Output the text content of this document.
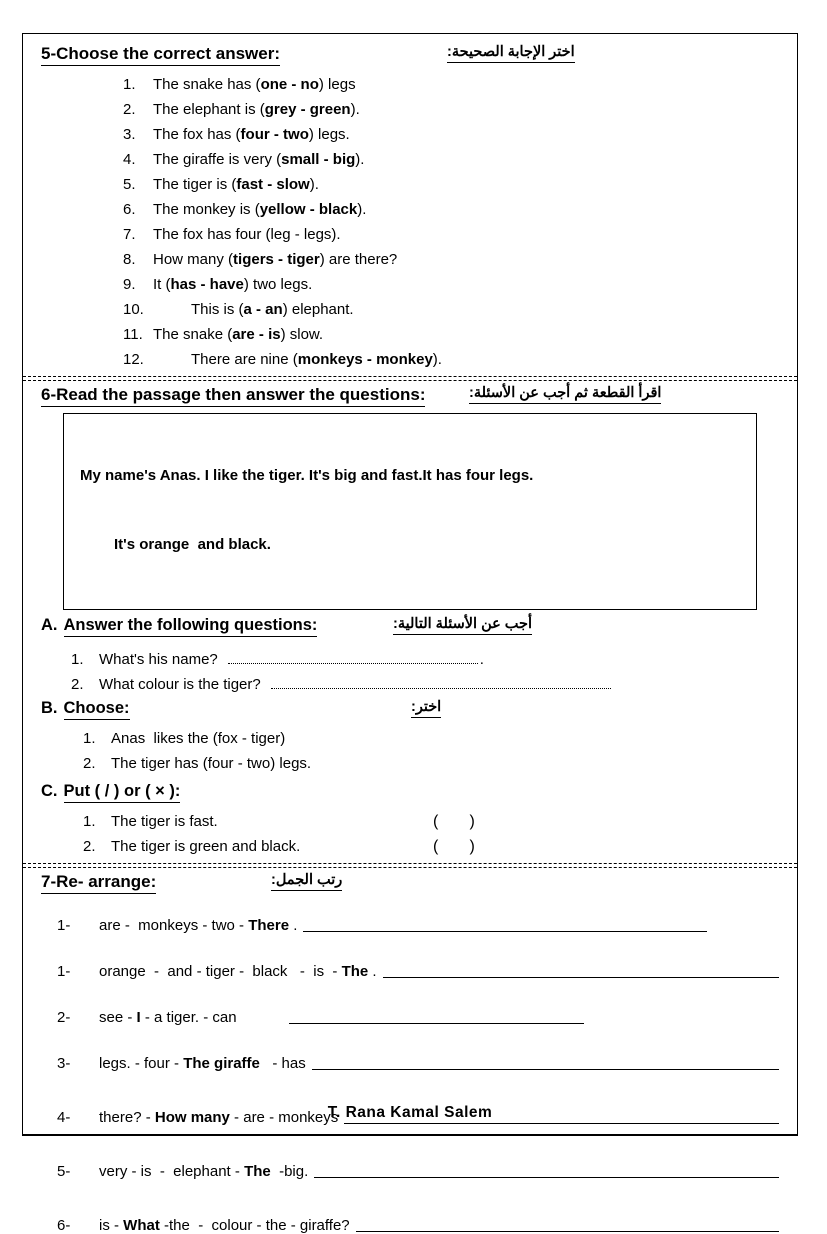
5-Choose the correct answer:	اختر الإجابة الصحيحة:
1.	The snake has (one - no) legs
2.	The elephant is (grey - green).
3.	The fox has (four - two) legs.
4.	The giraffe is very (small - big).
5.	The tiger is (fast - slow).
6.	The monkey is (yellow - black).
7.	The fox has four (leg - legs).
8.	How many (tigers - tiger) are there?
9.	It (has - have) two legs.
10.	This is (a - an) elephant.
11. The snake (are - is) slow.
12.	There are nine (monkeys - monkey).
6-Read the passage then answer the questions:	اقرأ القطعة ثم أجب عن الأسئلة:

My name's Anas. I like the tiger. It's big and fast.It has four legs.

It's orange  and black.

A. Answer the following questions:	أجب عن الأسئلة التالية:
1.	What's his name?	.
2.	What colour is the tiger?
B. Choose:	اختر:
1.	Anas  likes the (fox - tiger)
2.	The tiger has (four - two) legs.
C. Put ( / ) or ( × ):
1.	The tiger is fast.	(       )
2.	The tiger is green and black.	(       )
7-Re- arrange:	رتب الجمل:
1-	are -  monkeys - two - There .
1-	orange  -  and - tiger -  black   -  is  - The .
2-	see - I - a tiger. - can
3-	legs. - four - The giraffe   - has
4-	there? - How many - are - monkeys
5-	very - is  -  elephant - The  -big.
6-	is - What -the  -  colour - the - giraffe?
T. Rana Kamal Salem
